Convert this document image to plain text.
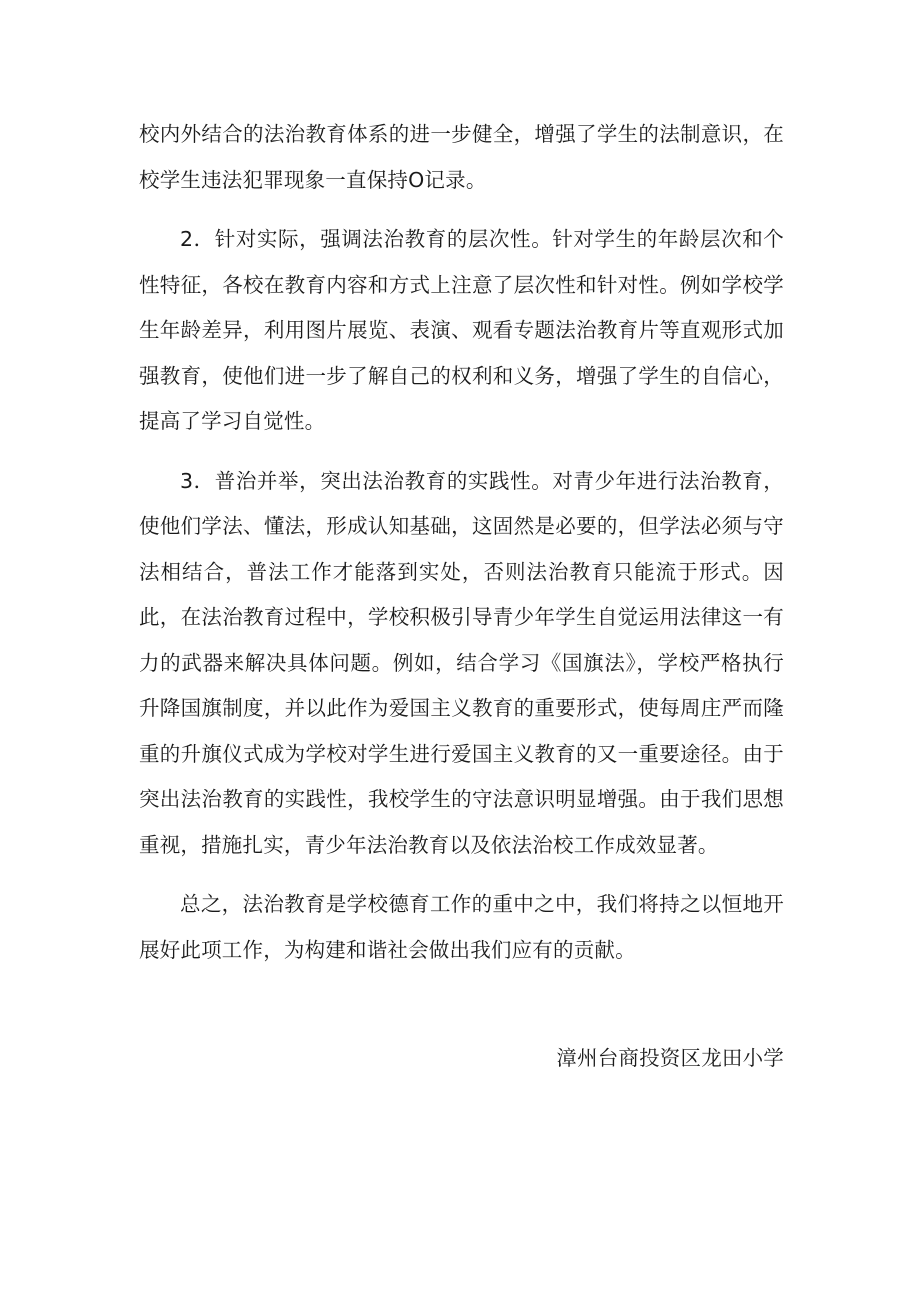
校内外结合的法治教育体系的进一步健全，增强了学生的法制意识，在校学生违法犯罪现象一直保持O记录。

2．针对实际，强调法治教育的层次性。针对学生的年龄层次和个性特征，各校在教育内容和方式上注意了层次性和针对性。例如学校学生年龄差异，利用图片展览、表演、观看专题法治教育片等直观形式加强教育，使他们进一步了解自己的权利和义务，增强了学生的自信心，提高了学习自觉性。

3．普治并举，突出法治教育的实践性。对青少年进行法治教育，使他们学法、懂法，形成认知基础，这固然是必要的，但学法必须与守法相结合，普法工作才能落到实处，否则法治教育只能流于形式。因此，在法治教育过程中，学校积极引导青少年学生自觉运用法律这一有力的武器来解决具体问题。例如，结合学习《国旗法》，学校严格执行升降国旗制度，并以此作为爱国主义教育的重要形式，使每周庄严而隆重的升旗仪式成为学校对学生进行爱国主义教育的又一重要途径。由于突出法治教育的实践性，我校学生的守法意识明显增强。由于我们思想重视，措施扎实，青少年法治教育以及依法治校工作成效显著。

总之，法治教育是学校德育工作的重中之中，我们将持之以恒地开展好此项工作，为构建和谐社会做出我们应有的贡献。

漳州台商投资区龙田小学
